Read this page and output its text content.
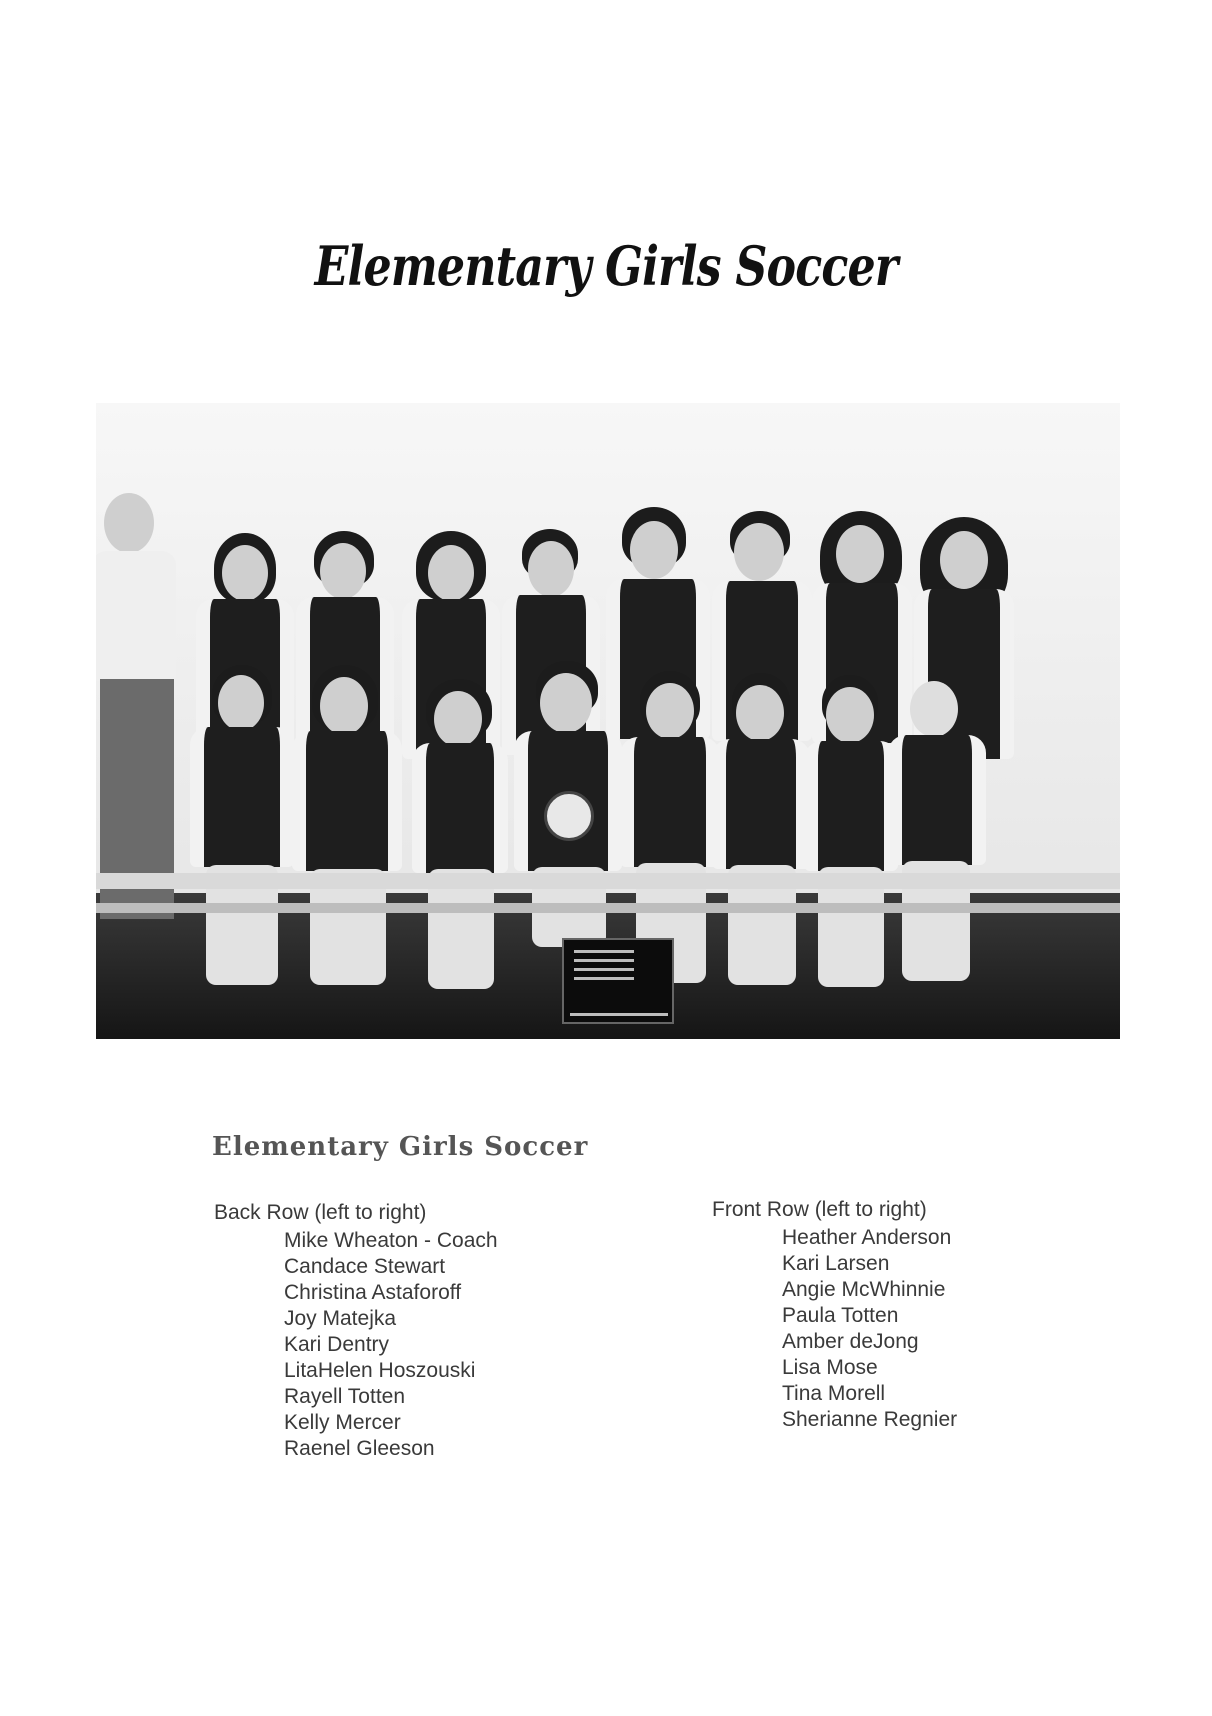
Elementary Girls Soccer
Elementary Girls Soccer
Back Row (left to right)
Mike Wheaton - Coach
Candace Stewart
Christina Astaforoff
Joy Matejka
Kari Dentry
LitaHelen Hoszouski
Rayell Totten
Kelly Mercer
Raenel Gleeson
Front Row (left to right)
Heather Anderson
Kari Larsen
Angie McWhinnie
Paula Totten
Amber deJong
Lisa Mose
Tina Morell
Sherianne Regnier
